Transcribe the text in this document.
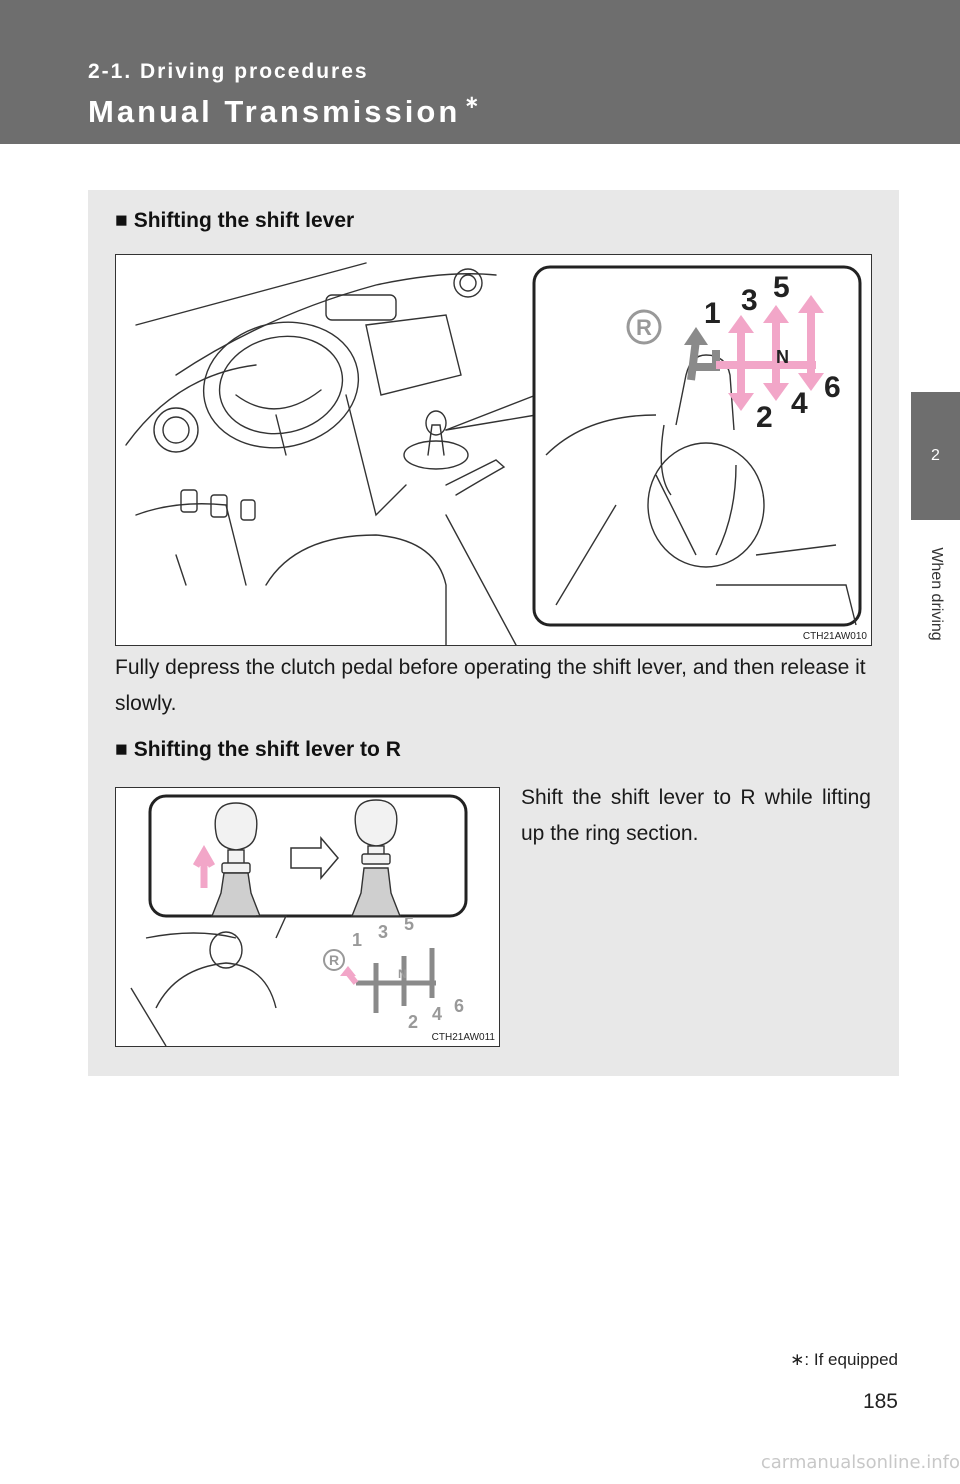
2-1. Driving procedures
Manual Transmission ∗
2
When driving
■ Shifting the shift lever
R 1 3 5
N
2 4 6
CTH21AW010
Fully depress the clutch pedal before operating the shift lever, and then release it slowly.
■ Shifting the shift lever to R
R
1 3 5
N
2 4 6
CTH21AW011
Shift the shift lever to R while lifting up the ring section.
∗: If equipped
185
carmanualsonline.info
